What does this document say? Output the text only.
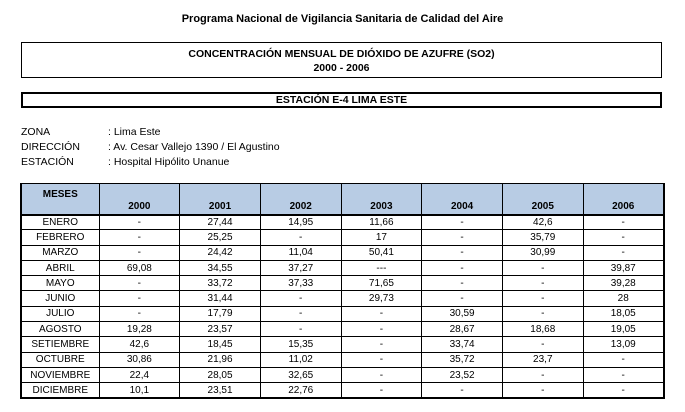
Programa Nacional de Vigilancia Sanitaria de Calidad del Aire
CONCENTRACIÓN MENSUAL DE DIÓXIDO DE AZUFRE (SO2)
2000 - 2006
ESTACIÓN E-4 LIMA ESTE
ZONA	: Lima Este
DIRECCIÓN	: Av. Cesar Vallejo 1390 / El Agustino
ESTACIÓN	: Hospital Hipólito Unanue
MESES	2000	2001	2002	2003	2004	2005	2006
ENERO	-	27,44	14,95	11,66	-	42,6	-
FEBRERO	-	25,25	-	17	-	35,79	-
MARZO	-	24,42	11,04	50,41	-	30,99	-
ABRIL	69,08	34,55	37,27	---	-	-	39,87
MAYO	-	33,72	37,33	71,65	-	-	39,28
JUNIO	-	31,44	-	29,73	-	-	28
JULIO	-	17,79	-	-	30,59	-	18,05
AGOSTO	19,28	23,57	-	-	28,67	18,68	19,05
SETIEMBRE	42,6	18,45	15,35	-	33,74	-	13,09
OCTUBRE	30,86	21,96	11,02	-	35,72	23,7	-
NOVIEMBRE	22,4	28,05	32,65	-	23,52	-	-
DICIEMBRE	10,1	23,51	22,76	-	-	-	-
